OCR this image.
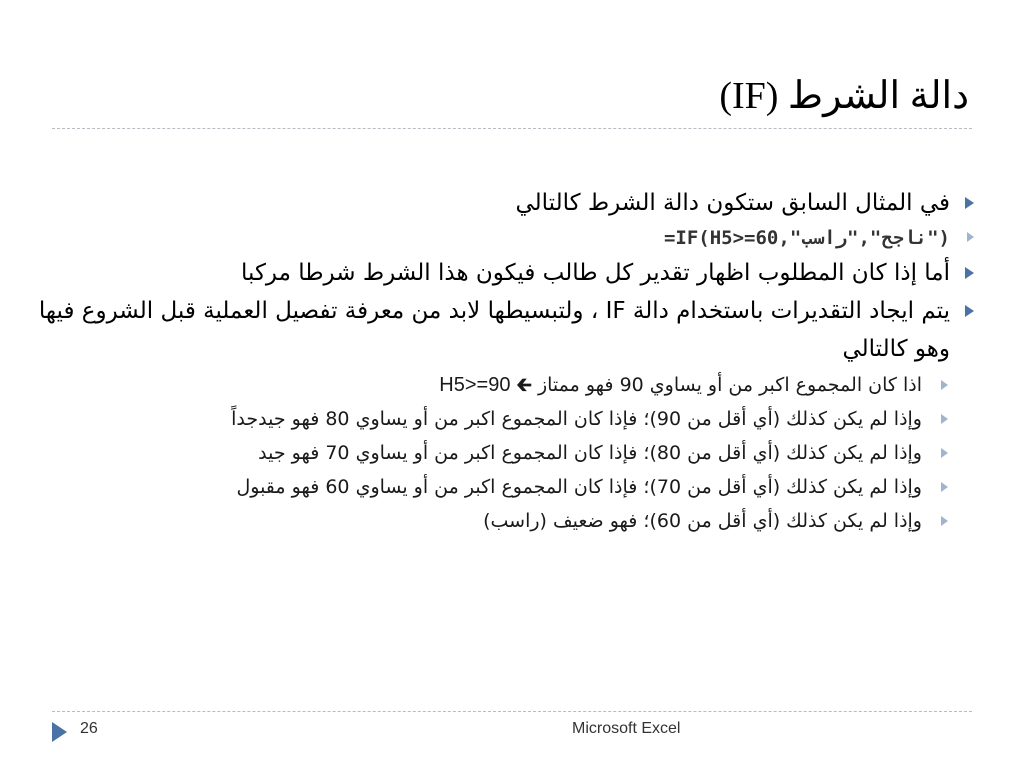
دالة الشرط (IF)
في المثال السابق ستكون دالة الشرط كالتالي
=IF(H5>=60,"ناجح","راسب")
أما إذا كان المطلوب اظهار تقدير كل طالب فيكون هذا الشرط شرطا مركبا
يتم ايجاد التقديرات باستخدام دالة IF ، ولتبسيطها لابد من معرفة تفصيل العملية قبل الشروع فيها وهو كالتالي
اذا كان المجموع اكبر من أو يساوي 90 فهو ممتاز 🡰 H5>=90
وإذا لم يكن كذلك (أي أقل من 90)؛ فإذا كان المجموع اكبر من أو يساوي 80 فهو جيدجداً
وإذا لم يكن كذلك (أي أقل من 80)؛ فإذا كان المجموع اكبر من أو يساوي 70 فهو جيد
وإذا لم يكن كذلك (أي أقل من 70)؛ فإذا كان المجموع اكبر من أو يساوي 60 فهو مقبول
وإذا لم يكن كذلك (أي أقل من 60)؛ فهو ضعيف (راسب)
26	Microsoft Excel
